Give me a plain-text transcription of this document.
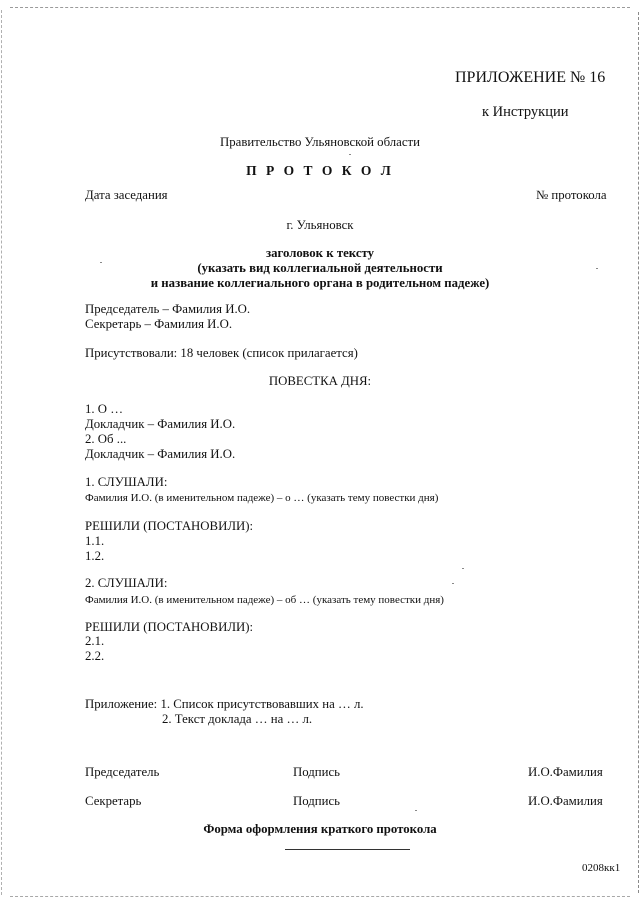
ПРИЛОЖЕНИЕ № 16
к Инструкции
Правительство Ульяновской области
П Р О Т О К О Л
Дата заседания	№ протокола
г. Ульяновск
заголовок к тексту
(указать вид коллегиальной деятельности
и название коллегиального органа в родительном падеже)
Председатель – Фамилия И.О.
Секретарь – Фамилия И.О.
Присутствовали: 18 человек (список прилагается)
ПОВЕСТКА ДНЯ:
1. О …
Докладчик – Фамилия И.О.
2. Об ...
Докладчик – Фамилия И.О.
1. СЛУШАЛИ:
Фамилия И.О. (в именительном падеже) – о … (указать тему повестки дня)
РЕШИЛИ (ПОСТАНОВИЛИ):
1.1.
1.2.
2. СЛУШАЛИ:
Фамилия И.О. (в именительном падеже) – об … (указать тему повестки дня)
РЕШИЛИ (ПОСТАНОВИЛИ):
2.1.
2.2.
Приложение: 1. Список присутствовавших на … л.
2. Текст доклада … на … л.
Председатель	Подпись	И.О.Фамилия
Секретарь	Подпись	И.О.Фамилия
Форма оформления краткого протокола
0208кк1
